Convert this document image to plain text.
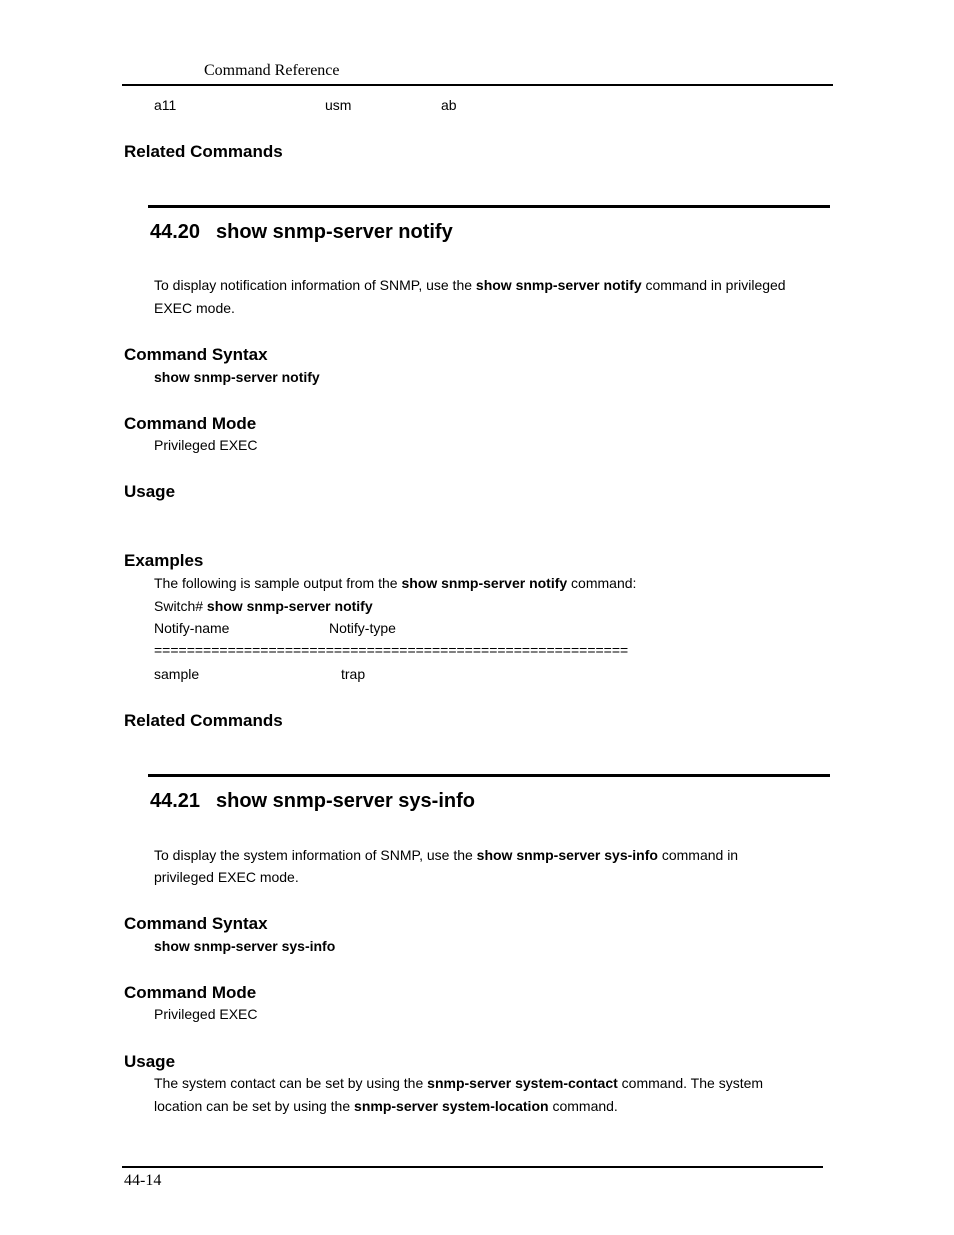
Command Reference
a11	usm	ab
Related Commands
44.20 show snmp-server notify
To display notification information of SNMP, use the show snmp-server notify command in privileged
EXEC mode.
Command Syntax
show snmp-server notify
Command Mode
Privileged EXEC
Usage
Examples
The following is sample output from the show snmp-server notify command:
Switch# show snmp-server notify
Notify-name	Notify-type
==========================================================
sample	trap
Related Commands
44.21 show snmp-server sys-info
To display the system information of SNMP, use the show snmp-server sys-info command in
privileged EXEC mode.
Command Syntax
show snmp-server sys-info
Command Mode
Privileged EXEC
Usage
The system contact can be set by using the snmp-server system-contact command. The system
location can be set by using the snmp-server system-location command.
44-14
